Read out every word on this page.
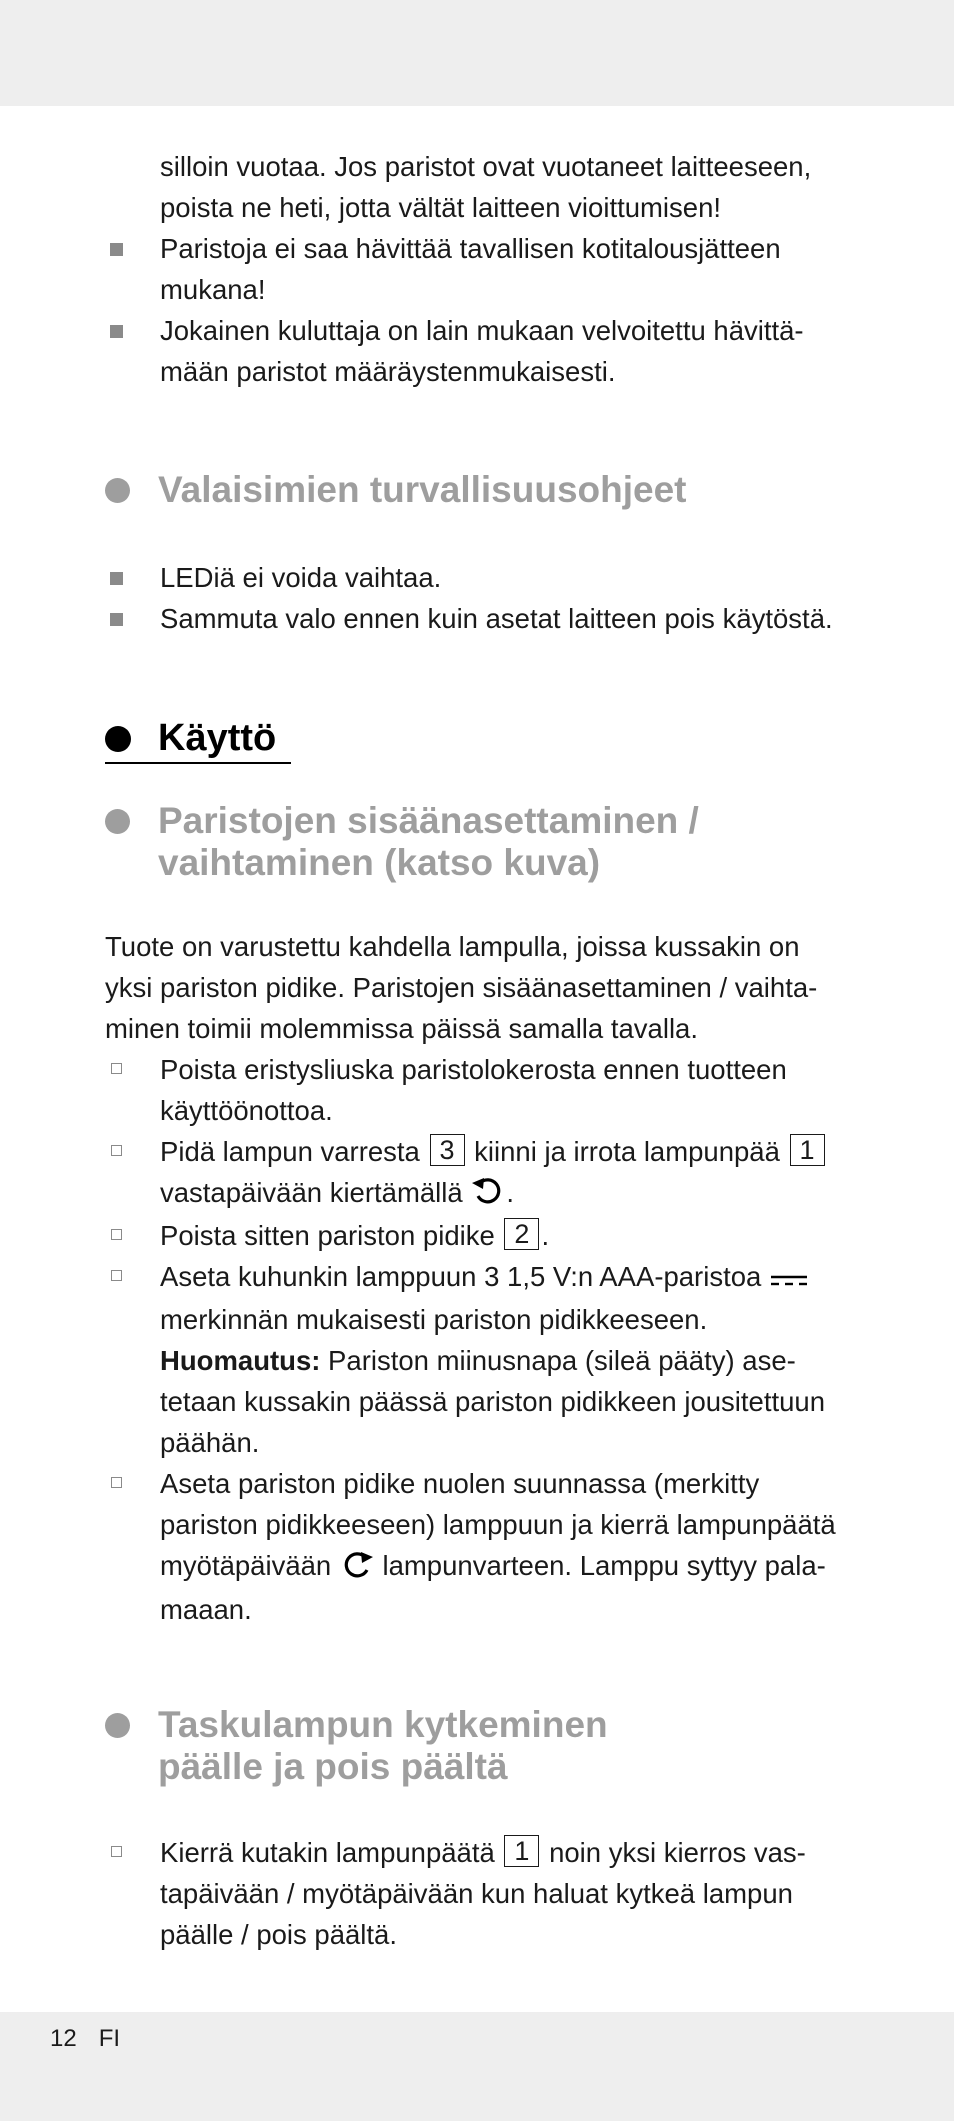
silloin vuotaa. Jos paristot ovat vuotaneet laitteeseen,
poista ne heti, jotta vältät laitteen vioittumisen!
Paristoja ei saa hävittää tavallisen kotitalousjätteen
mukana!
Jokainen kuluttaja on lain mukaan velvoitettu hävittä-
mään paristot määräystenmukaisesti.
Valaisimien turvallisuusohjeet
LEDiä ei voida vaihtaa.
Sammuta valo ennen kuin asetat laitteen pois käytöstä.
Käyttö
Paristojen sisäänasettaminen /
vaihtaminen (katso kuva)
Tuote on varustettu kahdella lampulla, joissa kussakin on
yksi pariston pidike. Paristojen sisäänasettaminen / vaihta-
minen toimii molemmissa päissä samalla tavalla.
Poista eristysliuska paristolokerosta ennen tuotteen
käyttöönottoa.
Pidä lampun varresta 3 kiinni ja irrota lampunpää 1
vastapäivään kiertämällä .
Poista sitten pariston pidike 2 .
Aseta kuhunkin lamppuun 3 1,5 V:n AAA-paristoa
merkinnän mukaisesti pariston pidikkeeseen.
Huomautus: Pariston miinusnapa (sileä pääty) ase-
tetaan kussakin päässä pariston pidikkeen jousitettuun
päähän.
Aseta pariston pidike nuolen suunnassa (merkitty
pariston pidikkeeseen) lamppuun ja kierrä lampunpäätä
myötäpäivään lampunvarteen. Lamppu syttyy pala-
maaan.
Taskulampun kytkeminen
päälle ja pois päältä
Kierrä kutakin lampunpäätä 1 noin yksi kierros vas-
tapäivään / myötäpäivään kun haluat kytkeä lampun
päälle / pois päältä.
12 FI
